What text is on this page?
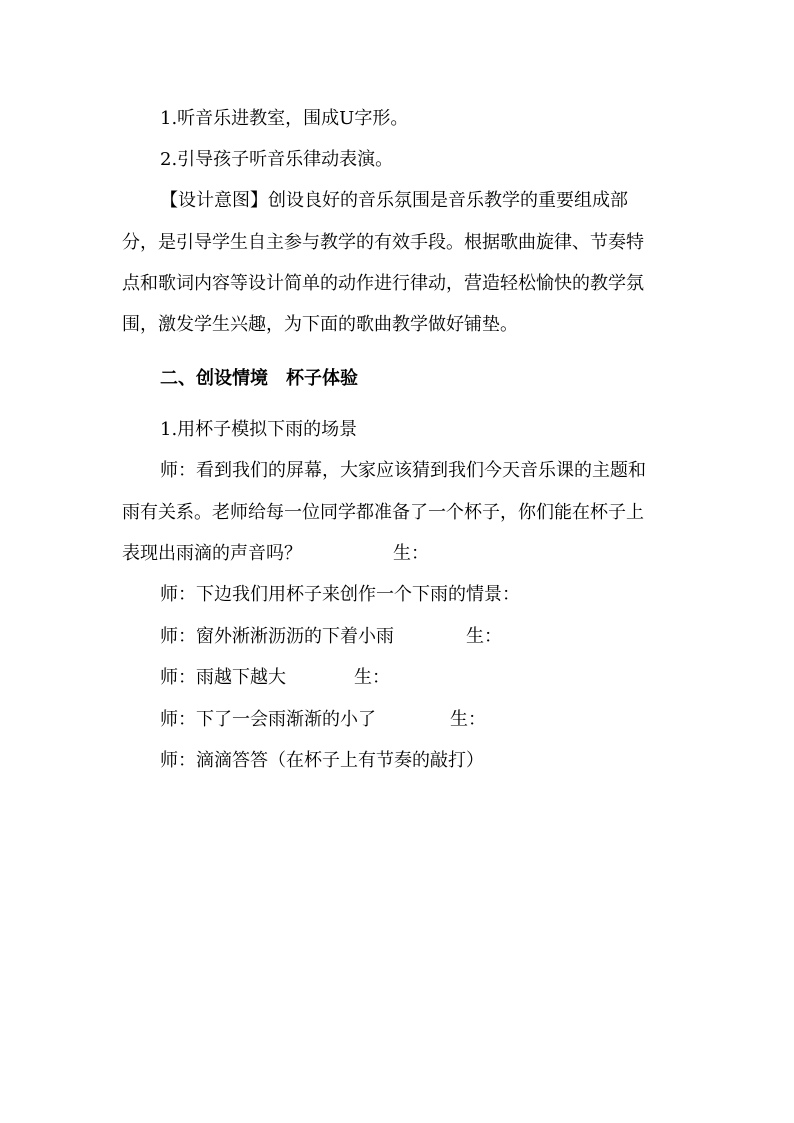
1.听音乐进教室，围成U字形。
2.引导孩子听音乐律动表演。
【设计意图】创设良好的音乐氛围是音乐教学的重要组成部
分，是引导学生自主参与教学的有效手段。根据歌曲旋律、节奏特
点和歌词内容等设计简单的动作进行律动，营造轻松愉快的教学氛
围，激发学生兴趣，为下面的歌曲教学做好铺垫。
二、创设情境 杯子体验
1.用杯子模拟下雨的场景
师：看到我们的屏幕，大家应该猜到我们今天音乐课的主题和
雨有关系。老师给每一位同学都准备了一个杯子，你们能在杯子上
表现出雨滴的声音吗？	生：
师：下边我们用杯子来创作一个下雨的情景：
师：窗外淅淅沥沥的下着小雨	生：
师：雨越下越大	生：
师：下了一会雨渐渐的小了	生：
师：滴滴答答（在杯子上有节奏的敲打）
